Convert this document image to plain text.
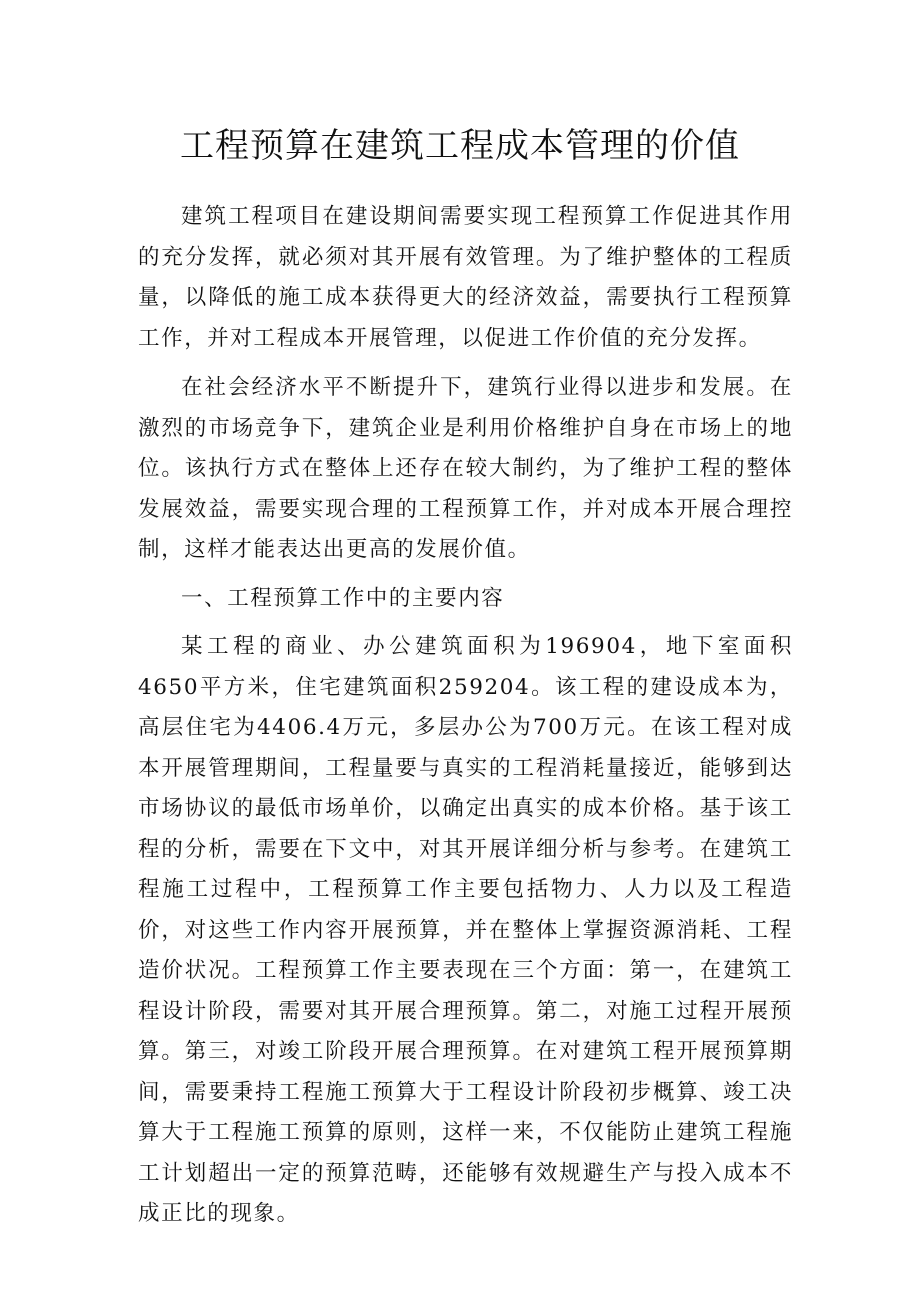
工程预算在建筑工程成本管理的价值

建筑工程项目在建设期间需要实现工程预算工作促进其作用的充分发挥，就必须对其开展有效管理。为了维护整体的工程质量，以降低的施工成本获得更大的经济效益，需要执行工程预算工作，并对工程成本开展管理，以促进工作价值的充分发挥。

在社会经济水平不断提升下，建筑行业得以进步和发展。在激烈的市场竞争下，建筑企业是利用价格维护自身在市场上的地位。该执行方式在整体上还存在较大制约，为了维护工程的整体发展效益，需要实现合理的工程预算工作，并对成本开展合理控制，这样才能表达出更高的发展价值。

一、工程预算工作中的主要内容

某工程的商业、办公建筑面积为196904，地下室面积4650平方米，住宅建筑面积259204。该工程的建设成本为，高层住宅为4406.4万元，多层办公为700万元。在该工程对成本开展管理期间，工程量要与真实的工程消耗量接近，能够到达市场协议的最低市场单价，以确定出真实的成本价格。基于该工程的分析，需要在下文中，对其开展详细分析与参考。在建筑工程施工过程中，工程预算工作主要包括物力、人力以及工程造价，对这些工作内容开展预算，并在整体上掌握资源消耗、工程造价状况。工程预算工作主要表现在三个方面：第一，在建筑工程设计阶段，需要对其开展合理预算。第二，对施工过程开展预算。第三，对竣工阶段开展合理预算。在对建筑工程开展预算期间，需要秉持工程施工预算大于工程设计阶段初步概算、竣工决算大于工程施工预算的原则，这样一来，不仅能防止建筑工程施工计划超出一定的预算范畴，还能够有效规避生产与投入成本不成正比的现象。
